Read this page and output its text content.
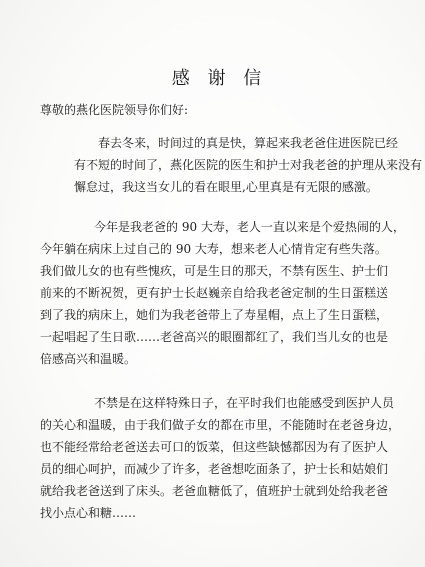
感 谢 信
尊敬的燕化医院领导你们好:
春去冬来，时间过的真是快，算起来我老爸住进医院已经
有不短的时间了，燕化医院的医生和护士对我老爸的护理从来没有
懈怠过，我这当女儿的看在眼里,心里真是有无限的感激。
今年是我老爸的 90 大寿，老人一直以来是个爱热闹的人，
今年躺在病床上过自己的 90 大寿，想来老人心情肯定有些失落。
我们做儿女的也有些愧疚，可是生日的那天，不禁有医生、护士们
前来的不断祝贺，更有护士长赵巍亲自给我老爸定制的生日蛋糕送
到了我的病床上，她们为我老爸带上了寿星帽，点上了生日蛋糕，
一起唱起了生日歌……老爸高兴的眼圈都红了，我们当儿女的也是
倍感高兴和温暖。
不禁是在这样特殊日子，在平时我们也能感受到医护人员
的关心和温暖，由于我们做子女的都在市里，不能随时在老爸身边，
也不能经常给老爸送去可口的饭菜，但这些缺憾都因为有了医护人
员的细心呵护，而减少了许多，老爸想吃面条了，护士长和姑娘们
就给我老爸送到了床头。老爸血糖低了，值班护士就到处给我老爸
找小点心和糖……
